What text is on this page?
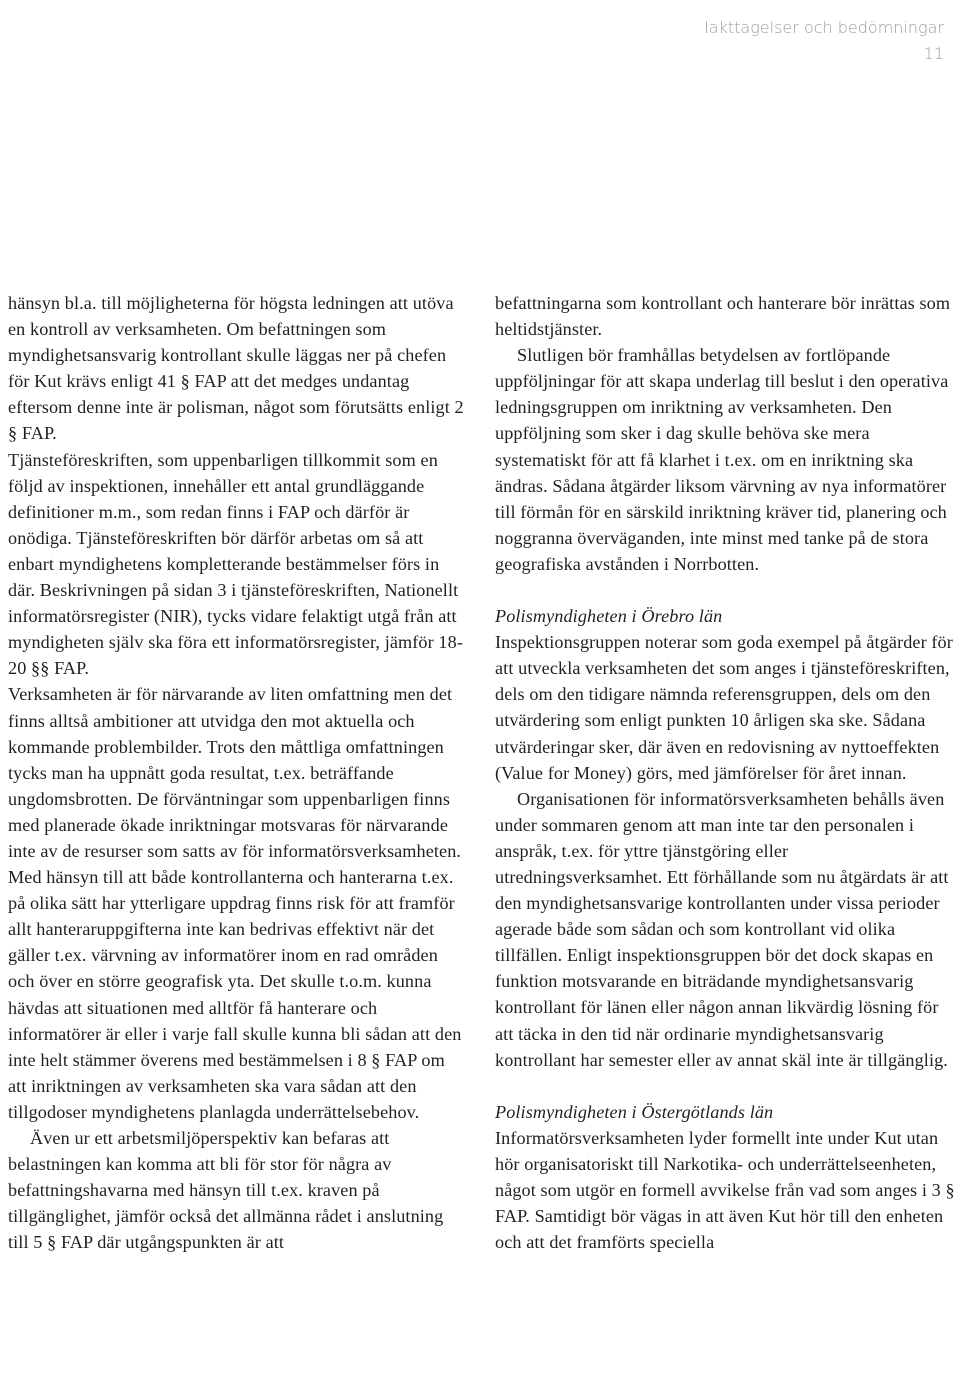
Iakttagelser och bedömningar
11

hänsyn bl.a. till möjligheterna för högsta ledningen att utöva en kontroll av verksamheten. Om befattningen som myndighetsansvarig kontrollant skulle läggas ner på chefen för Kut krävs enligt 41 § FAP att det medges undantag eftersom denne inte är polisman, något som förutsätts enligt 2 § FAP.

Tjänsteföreskriften, som uppenbarligen tillkommit som en följd av inspektionen, innehåller ett antal grundläggande definitioner m.m., som redan finns i FAP och därför är onödiga. Tjänsteföreskriften bör därför arbetas om så att enbart myndighetens kompletterande bestämmelser förs in där. Beskrivningen på sidan 3 i tjänsteföreskriften, Nationellt informatörsregister (NIR), tycks vidare felaktigt utgå från att myndigheten själv ska föra ett informatörsregister, jämför 18-20 §§ FAP.

Verksamheten är för närvarande av liten omfattning men det finns alltså ambitioner att utvidga den mot aktuella och kommande problembilder. Trots den måttliga omfattningen tycks man ha uppnått goda resultat, t.ex. beträffande ungdomsbrotten. De förväntningar som uppenbarligen finns med planerade ökade inriktningar motsvaras för närvarande inte av de resurser som satts av för informatörsverksamheten. Med hänsyn till att både kontrollanterna och hanterarna t.ex. på olika sätt har ytterligare uppdrag finns risk för att framför allt hanteraruppgifterna inte kan bedrivas effektivt när det gäller t.ex. värvning av informatörer inom en rad områden och över en större geografisk yta. Det skulle t.o.m. kunna hävdas att situationen med alltför få hanterare och informatörer är eller i varje fall skulle kunna bli sådan att den inte helt stämmer överens med bestämmelsen i 8 § FAP om att inriktningen av verksamheten ska vara sådan att den tillgodoser myndighetens planlagda underrättelsebehov.

Även ur ett arbetsmiljöperspektiv kan befaras att belastningen kan komma att bli för stor för några av befattningshavarna med hänsyn till t.ex. kraven på tillgänglighet, jämför också det allmänna rådet i anslutning till 5 § FAP där utgångspunkten är att

befattningarna som kontrollant och hanterare bör inrättas som heltidstjänster.

Slutligen bör framhållas betydelsen av fortlöpande uppföljningar för att skapa underlag till beslut i den operativa ledningsgruppen om inriktning av verksamheten. Den uppföljning som sker i dag skulle behöva ske mera systematiskt för att få klarhet i t.ex. om en inriktning ska ändras. Sådana åtgärder liksom värvning av nya informatörer till förmån för en särskild inriktning kräver tid, planering och noggranna överväganden, inte minst med tanke på de stora geografiska avstånden i Norrbotten.

Polismyndigheten i Örebro län

Inspektionsgruppen noterar som goda exempel på åtgärder för att utveckla verksamheten det som anges i tjänsteföreskriften, dels om den tidigare nämnda referensgruppen, dels om den utvärdering som enligt punkten 10 årligen ska ske. Sådana utvärderingar sker, där även en redovisning av nyttoeffekten (Value for Money) görs, med jämförelser för året innan.

Organisationen för informatörsverksamheten behålls även under sommaren genom att man inte tar den personalen i anspråk, t.ex. för yttre tjänstgöring eller utredningsverksamhet. Ett förhållande som nu åtgärdats är att den myndighetsansvarige kontrollanten under vissa perioder agerade både som sådan och som kontrollant vid olika tillfällen. Enligt inspektionsgruppen bör det dock skapas en funktion motsvarande en biträdande myndighetsansvarig kontrollant för länen eller någon annan likvärdig lösning för att täcka in den tid när ordinarie myndighetsansvarig kontrollant har semester eller av annat skäl inte är tillgänglig.

Polismyndigheten i Östergötlands län

Informatörsverksamheten lyder formellt inte under Kut utan hör organisatoriskt till Narkotika- och underrättelseenheten, något som utgör en formell avvikelse från vad som anges i 3 § FAP. Samtidigt bör vägas in att även Kut hör till den enheten och att det framförts speciella
